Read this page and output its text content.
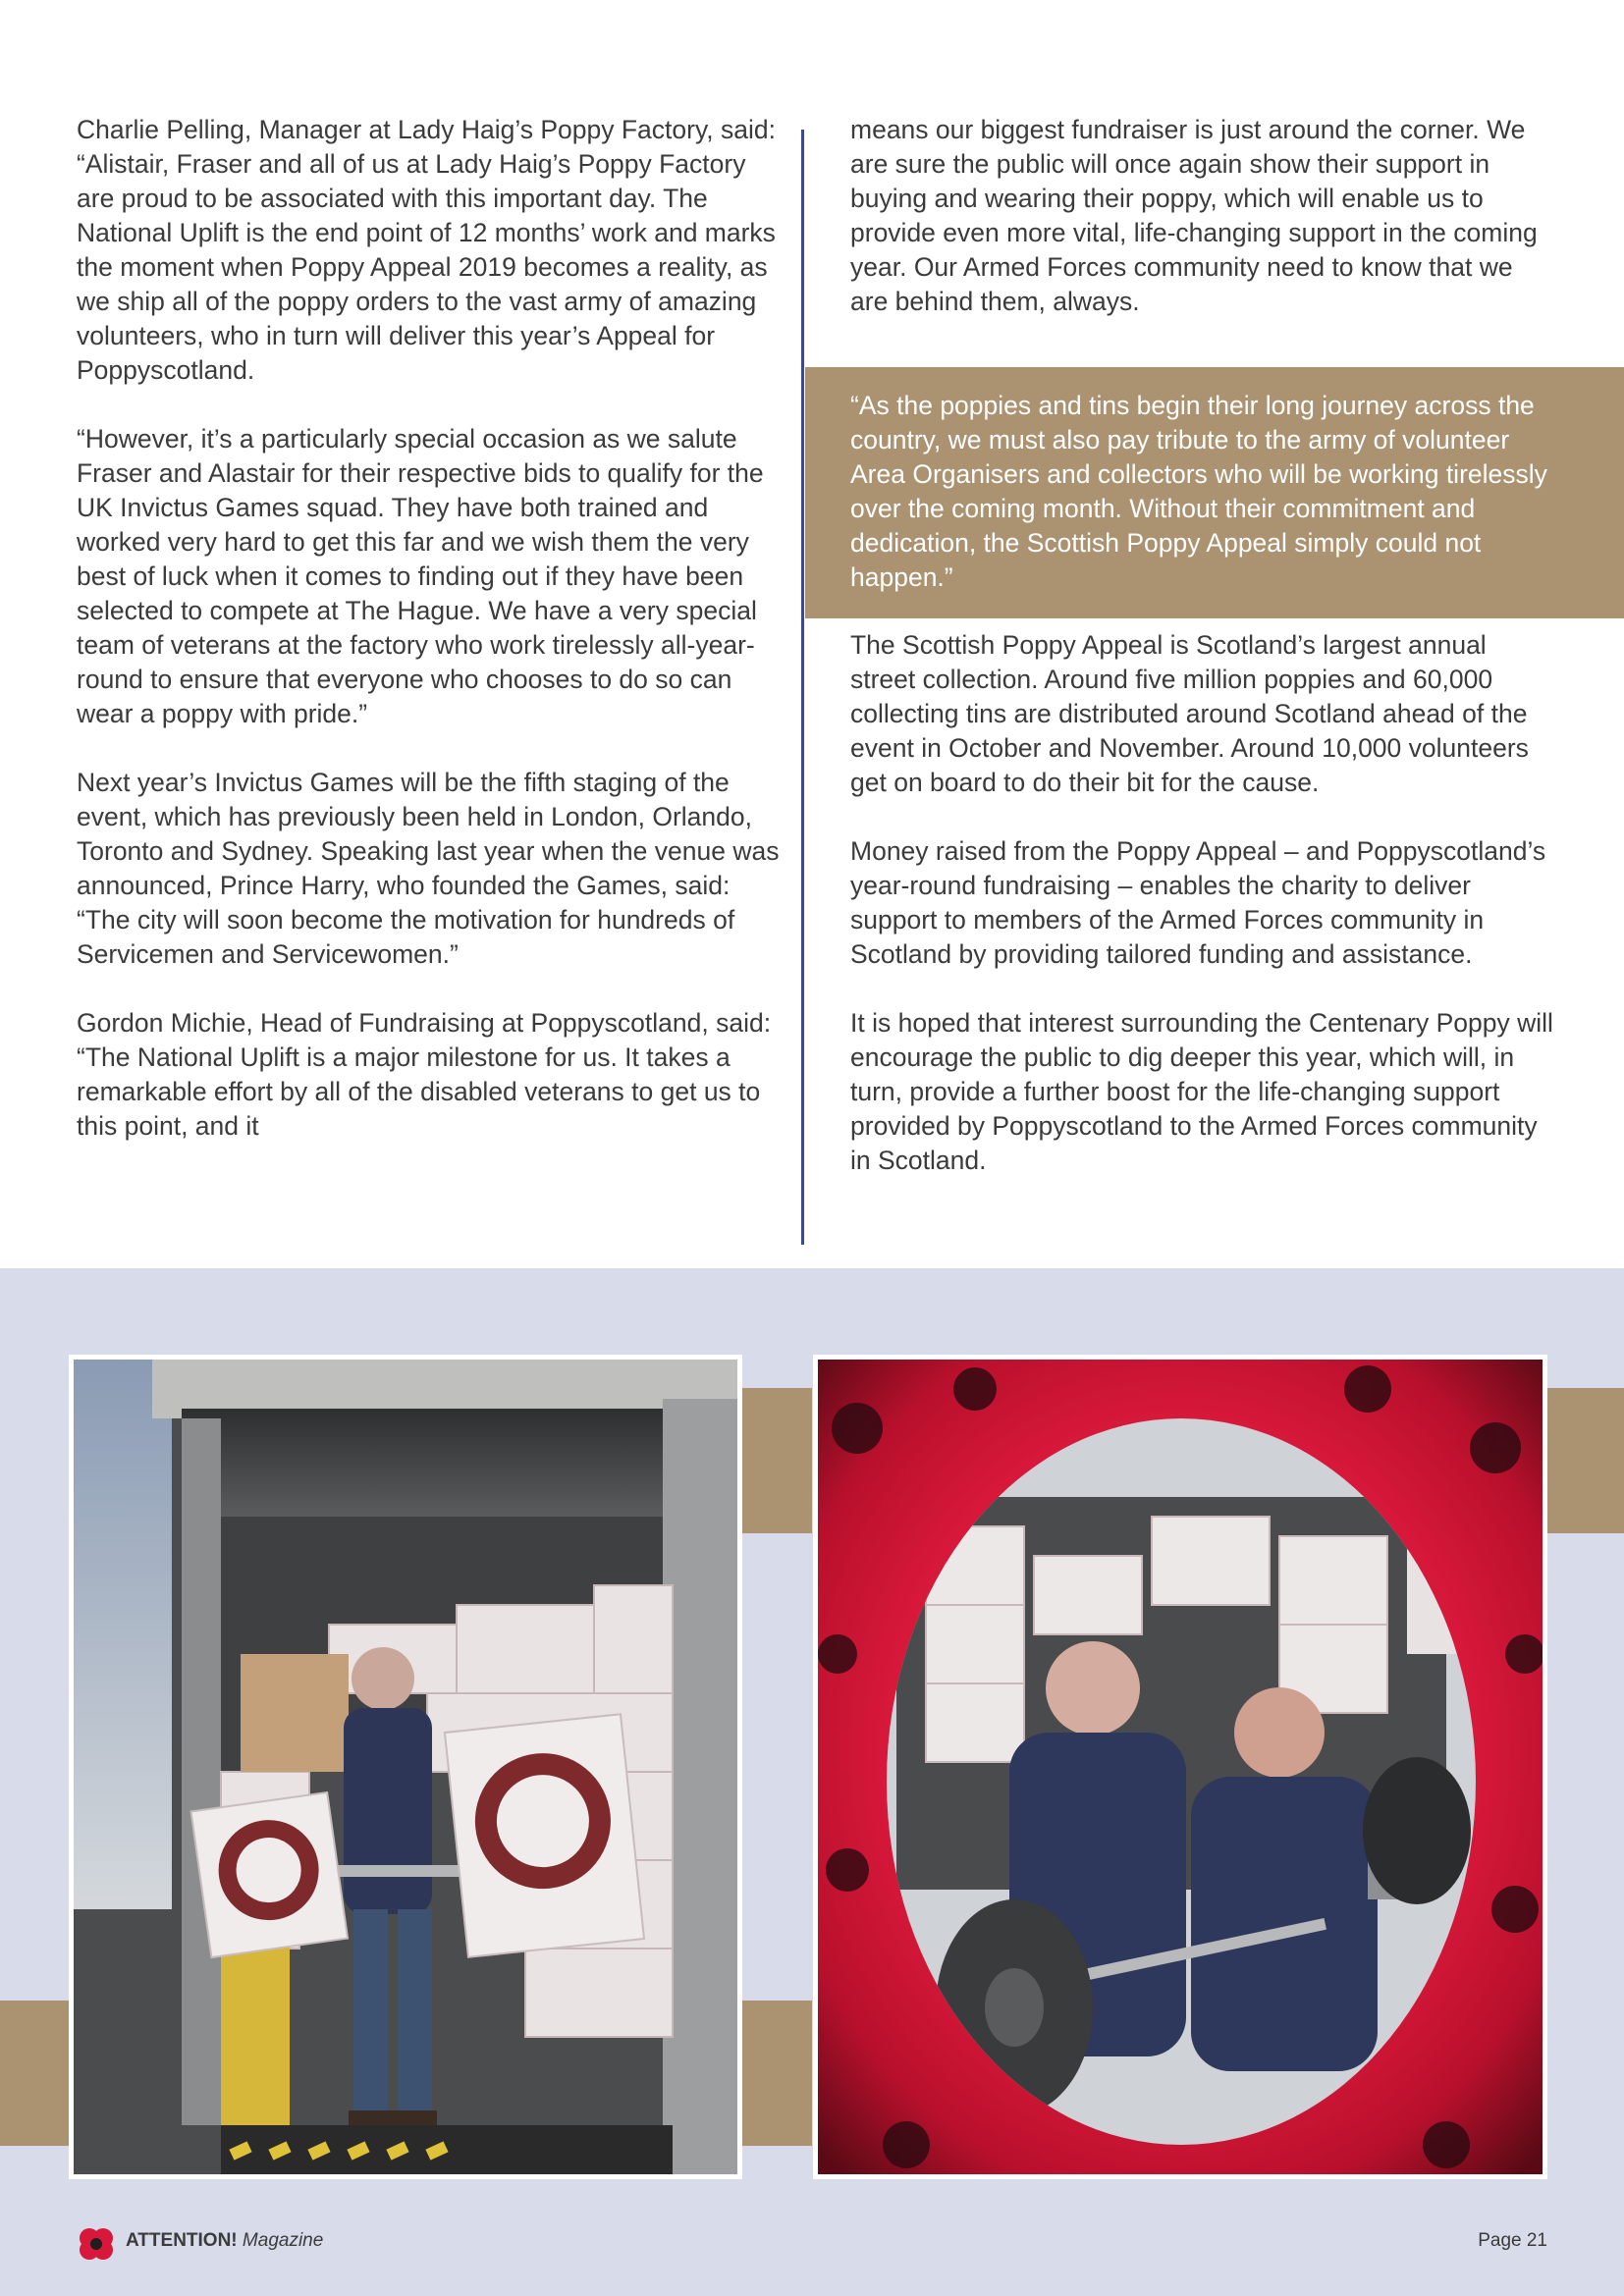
Charlie Pelling, Manager at Lady Haig’s Poppy Factory, said: “Alistair, Fraser and all of us at Lady Haig’s Poppy Factory are proud to be associated with this important day. The National Uplift is the end point of 12 months’ work and marks the moment when Poppy Appeal 2019 becomes a reality, as we ship all of the poppy orders to the vast army of amazing volunteers, who in turn will deliver this year’s Appeal for Poppyscotland.

“However, it’s a particularly special occasion as we salute Fraser and Alastair for their respective bids to qualify for the UK Invictus Games squad. They have both trained and worked very hard to get this far and we wish them the very best of luck when it comes to finding out if they have been selected to compete at The Hague. We have a very special team of veterans at the factory who work tirelessly all-year-round to ensure that everyone who chooses to do so can wear a poppy with pride.”

Next year’s Invictus Games will be the fifth staging of the event, which has previously been held in London, Orlando, Toronto and Sydney. Speaking last year when the venue was announced, Prince Harry, who founded the Games, said: “The city will soon become the motivation for hundreds of Servicemen and Servicewomen.”

Gordon Michie, Head of Fundraising at Poppyscotland, said: “The National Uplift is a major milestone for us. It takes a remarkable effort by all of the disabled veterans to get us to this point, and it

means our biggest fundraiser is just around the corner. We are sure the public will once again show their support in buying and wearing their poppy, which will enable us to provide even more vital, life-changing support in the coming year. Our Armed Forces community need to know that we are behind them, always.

“As the poppies and tins begin their long journey across the country, we must also pay tribute to the army of volunteer Area Organisers and collectors who will be working tirelessly over the coming month. Without their commitment and dedication, the Scottish Poppy Appeal simply could not happen.”

The Scottish Poppy Appeal is Scotland’s largest annual street collection. Around five million poppies and 60,000 collecting tins are distributed around Scotland ahead of the event in October and November. Around 10,000 volunteers get on board to do their bit for the cause.

Money raised from the Poppy Appeal – and Poppyscotland’s year-round fundraising – enables the charity to deliver support to members of the Armed Forces community in Scotland by providing tailored funding and assistance.

It is hoped that interest surrounding the Centenary Poppy will encourage the public to dig deeper this year, which will, in turn, provide a further boost for the life-changing support provided by Poppyscotland to the Armed Forces community in Scotland.

ATTENTION! Magazine	Page 21
